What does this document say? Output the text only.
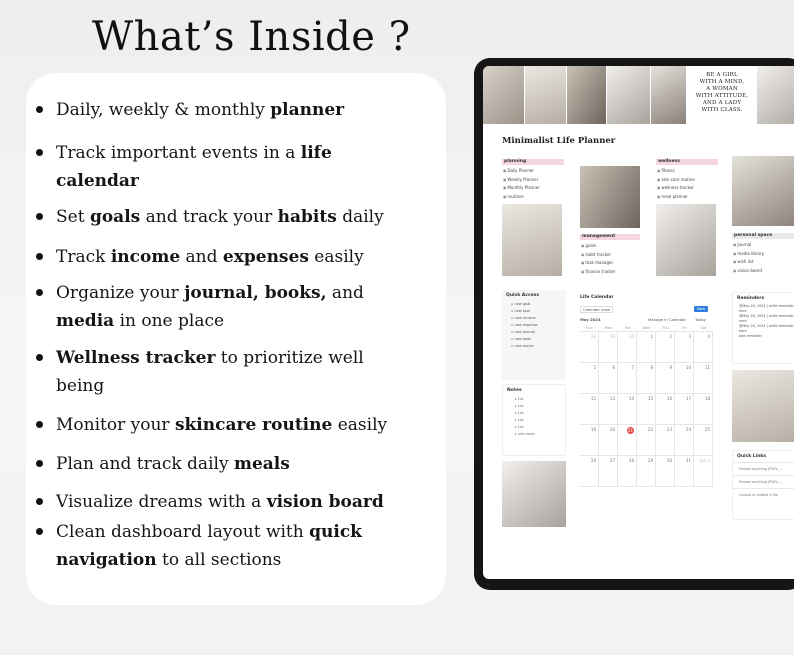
What’s Inside ?
Daily, weekly & monthly planner
Track important events in a life
calendar
Set goals and track your habits daily
Track income and expenses easily
Organize your journal, books, and
media in one place
Wellness tracker to prioritize well
being
Monitor your skincare routine easily
Plan and track daily meals
Visualize dreams with a vision board
Clean dashboard layout with quick
navigation to all sections
BE A GIRL
WITH A MIND,
A WOMAN
WITH ATTITUDE,
AND A LADY
WITH CLASS.
Minimalist Life Planner
planning
▣ Daily Planner
▣ Weekly Planner
▣ Monthly Planner
▣ routines
management
▣ goals
▣ habit tracker
▣ task manager
▣ finance tracker
wellness
▣ fitness
▣ skin care routine
▣ wellness tracker
▣ meal planner
personal space
▣ journal
▣ media library
▣ wish list
▣ vision board
Quick Access
▫ new goal
▫ new task
▫ new income
▫ new expense
▫ new journal
▫ new book
▫ new movie
Notes
▸ List
▸ List
▸ List
▸ List
▸ List
▸ add notes
Life Calendar
Calendar view	New
May 2024	Manage in Calendar Today
Sun	Mon	Tue	Wed	Thu	Fri	Sat
28	29	30	1	2	3	4
5	6	7	8	9	10	11
12	13	14	15	16	17	18
19	20	21	22	23	24	25
26	27	28	29	30	31	Jun 1
Reminders
@May 26, 2024 | write reminder here
@May 26, 2024 | write reminder here
@May 26, 2024 | write reminder here
add reminder
Quick Links
Embed anything (PDFs, ...
Embed anything (PDFs, ...
Upload or embed a file
